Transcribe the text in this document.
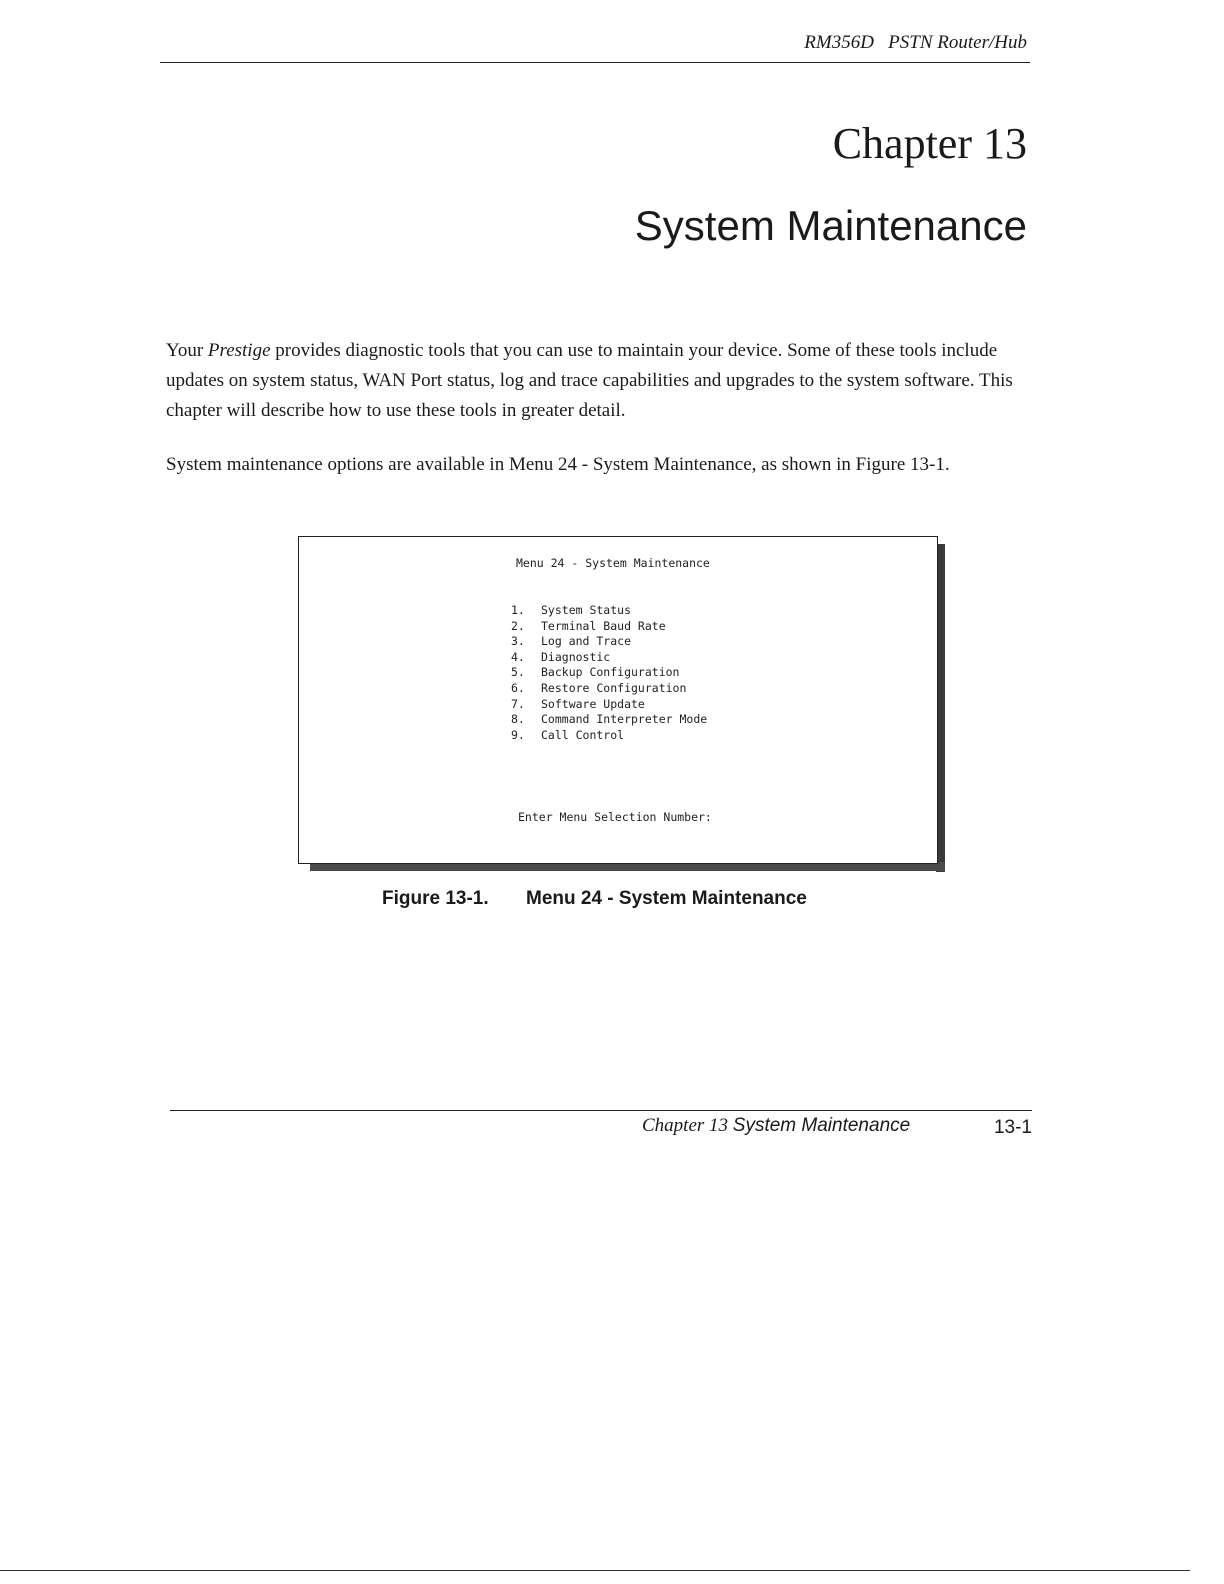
RM356D   PSTN Router/Hub
Chapter 13
System Maintenance

Your Prestige provides diagnostic tools that you can use to maintain your device. Some of these tools include updates on system status, WAN Port status, log and trace capabilities and upgrades to the system software. This chapter will describe how to use these tools in greater detail.

System maintenance options are available in Menu 24 - System Maintenance, as shown in Figure 13-1.

Menu 24 - System Maintenance
1. System Status
2. Terminal Baud Rate
3. Log and Trace
4. Diagnostic
5. Backup Configuration
6. Restore Configuration
7. Software Update
8. Command Interpreter Mode
9. Call Control
Enter Menu Selection Number:
Figure 13-1. Menu 24 - System Maintenance
Chapter 13 System Maintenance	13-1
